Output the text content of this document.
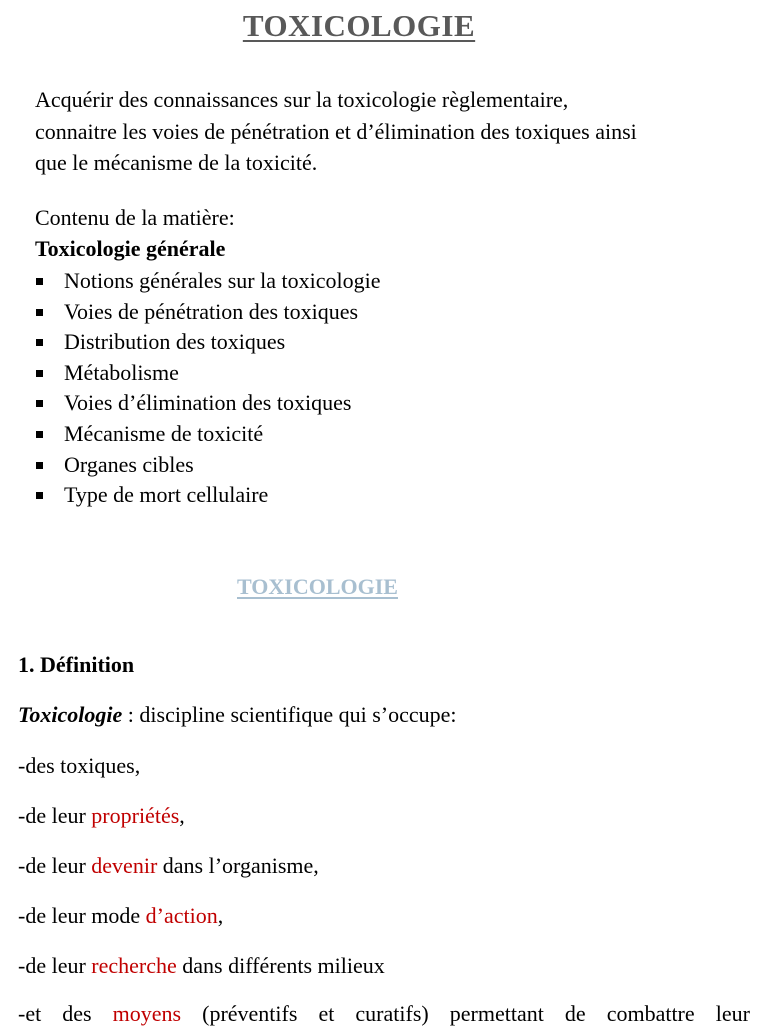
TOXICOLOGIE
Acquérir des connaissances sur la toxicologie règlementaire,
connaitre les voies de pénétration et d’élimination des toxiques ainsi
que le mécanisme de la toxicité.
Contenu de la matière:
Toxicologie générale
Notions générales sur la toxicologie
Voies de pénétration des toxiques
Distribution des toxiques
Métabolisme
Voies d’élimination des toxiques
Mécanisme de toxicité
Organes cibles
Type de mort cellulaire
TOXICOLOGIE
1. Définition
Toxicologie : discipline scientifique qui s’occupe:
-des toxiques,
-de leur propriétés,
-de leur devenir dans l’organisme,
-de leur mode d’action,
-de leur recherche dans différents milieux
-et des moyens (préventifs et curatifs) permettant de combattre leur
